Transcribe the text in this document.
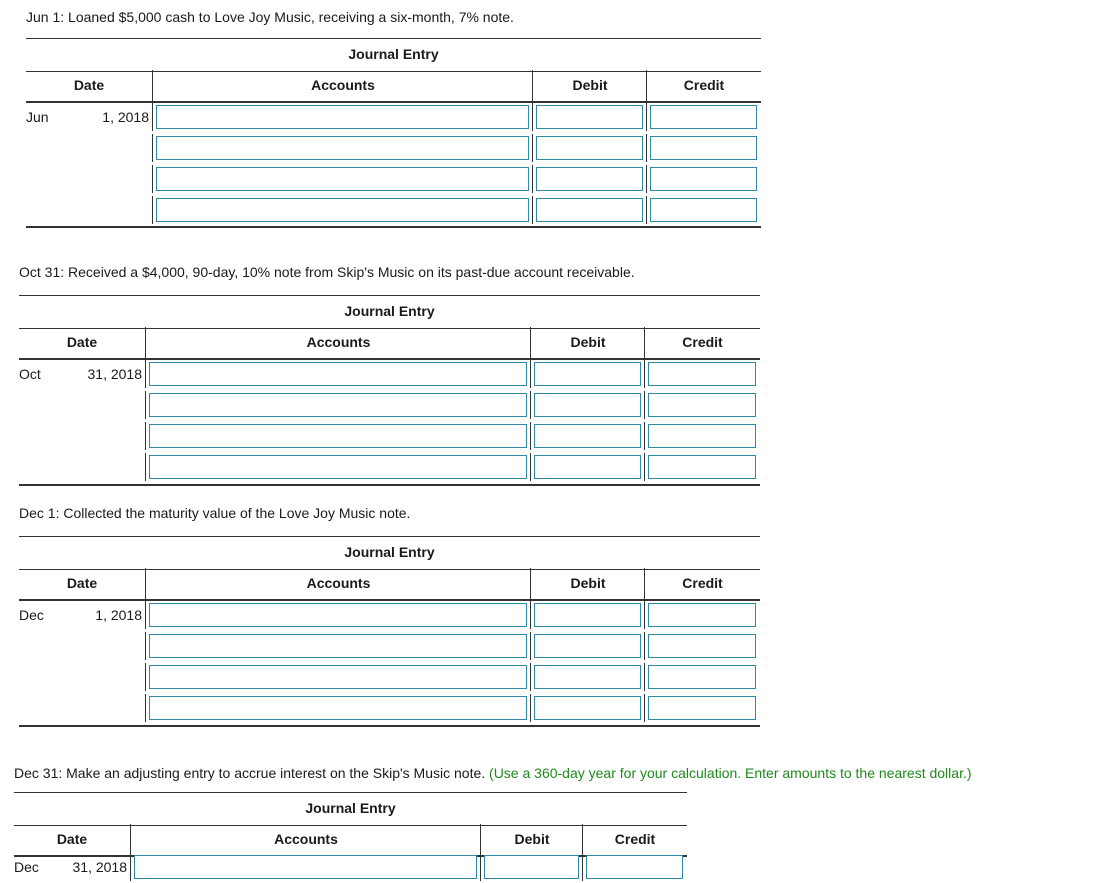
Jun 1: Loaned $5,000 cash to Love Joy Music, receiving a six-month, 7% note.
Journal Entry
Date	Accounts	Debit	Credit
Jun	1, 2018
Oct 31: Received a $4,000, 90-day, 10% note from Skip's Music on its past-due account receivable.
Journal Entry
Date	Accounts	Debit	Credit
Oct	31, 2018
Dec 1: Collected the maturity value of the Love Joy Music note.
Journal Entry
Date	Accounts	Debit	Credit
Dec	1, 2018
Dec 31: Make an adjusting entry to accrue interest on the Skip's Music note. (Use a 360-day year for your calculation. Enter amounts to the nearest dollar.)
Journal Entry
Date	Accounts	Debit	Credit
Dec	31, 2018
